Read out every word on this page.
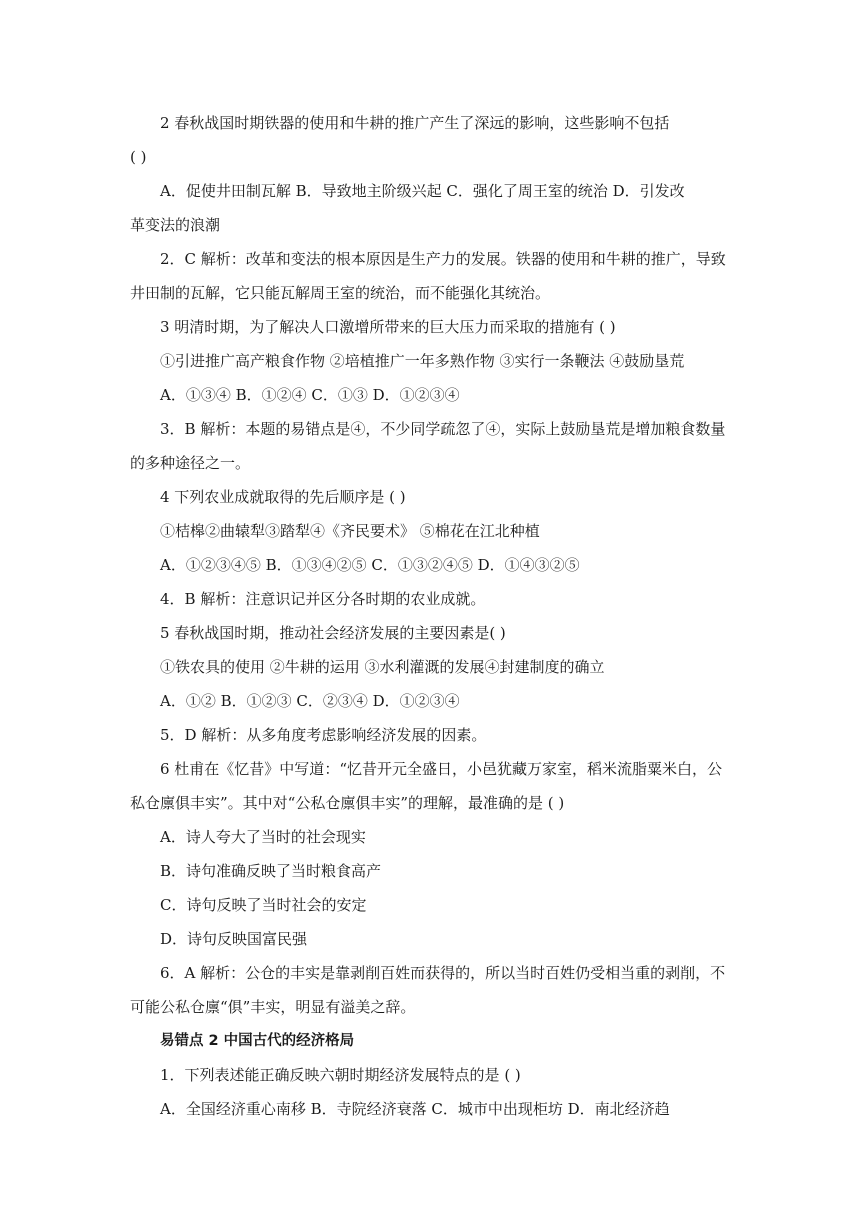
2 春秋战国时期铁器的使用和牛耕的推广产生了深远的影响，这些影响不包括
( )
A．促使井田制瓦解 B．导致地主阶级兴起 C．强化了周王室的统治 D．引发改
革变法的浪潮
2．C 解析：改革和变法的根本原因是生产力的发展。铁器的使用和牛耕的推广，导致
井田制的瓦解，它只能瓦解周王室的统治，而不能强化其统治。
3 明清时期，为了解决人口激增所带来的巨大压力而采取的措施有 ( )
①引进推广高产粮食作物 ②培植推广一年多熟作物 ③实行一条鞭法 ④鼓励垦荒
A．①③④ B．①②④ C．①③ D．①②③④
3．B 解析：本题的易错点是④，不少同学疏忽了④，实际上鼓励垦荒是增加粮食数量
的多种途径之一。
4 下列农业成就取得的先后顺序是 ( )
①桔槔②曲辕犁③踏犁④《齐民要术》 ⑤棉花在江北种植
A．①②③④⑤ B．①③④②⑤ C．①③②④⑤ D．①④③②⑤
4．B 解析：注意识记并区分各时期的农业成就。
5 春秋战国时期，推动社会经济发展的主要因素是( )
①铁农具的使用 ②牛耕的运用 ③水利灌溉的发展④封建制度的确立
A．①② B．①②③ C．②③④ D．①②③④
5．D 解析：从多角度考虑影响经济发展的因素。
6 杜甫在《忆昔》中写道：“忆昔开元全盛日，小邑犹藏万家室，稻米流脂粟米白，公
私仓廪俱丰实”。其中对“公私仓廪俱丰实”的理解，最准确的是 ( )
A．诗人夸大了当时的社会现实
B．诗句准确反映了当时粮食高产
C．诗句反映了当时社会的安定
D．诗句反映国富民强
6．A 解析：公仓的丰实是靠剥削百姓而获得的，所以当时百姓仍受相当重的剥削，不
可能公私仓廪“俱”丰实，明显有溢美之辞。
易错点 2 中国古代的经济格局
1．下列表述能正确反映六朝时期经济发展特点的是 ( )
A．全国经济重心南移 B．寺院经济衰落 C．城市中出现柜坊 D．南北经济趋
